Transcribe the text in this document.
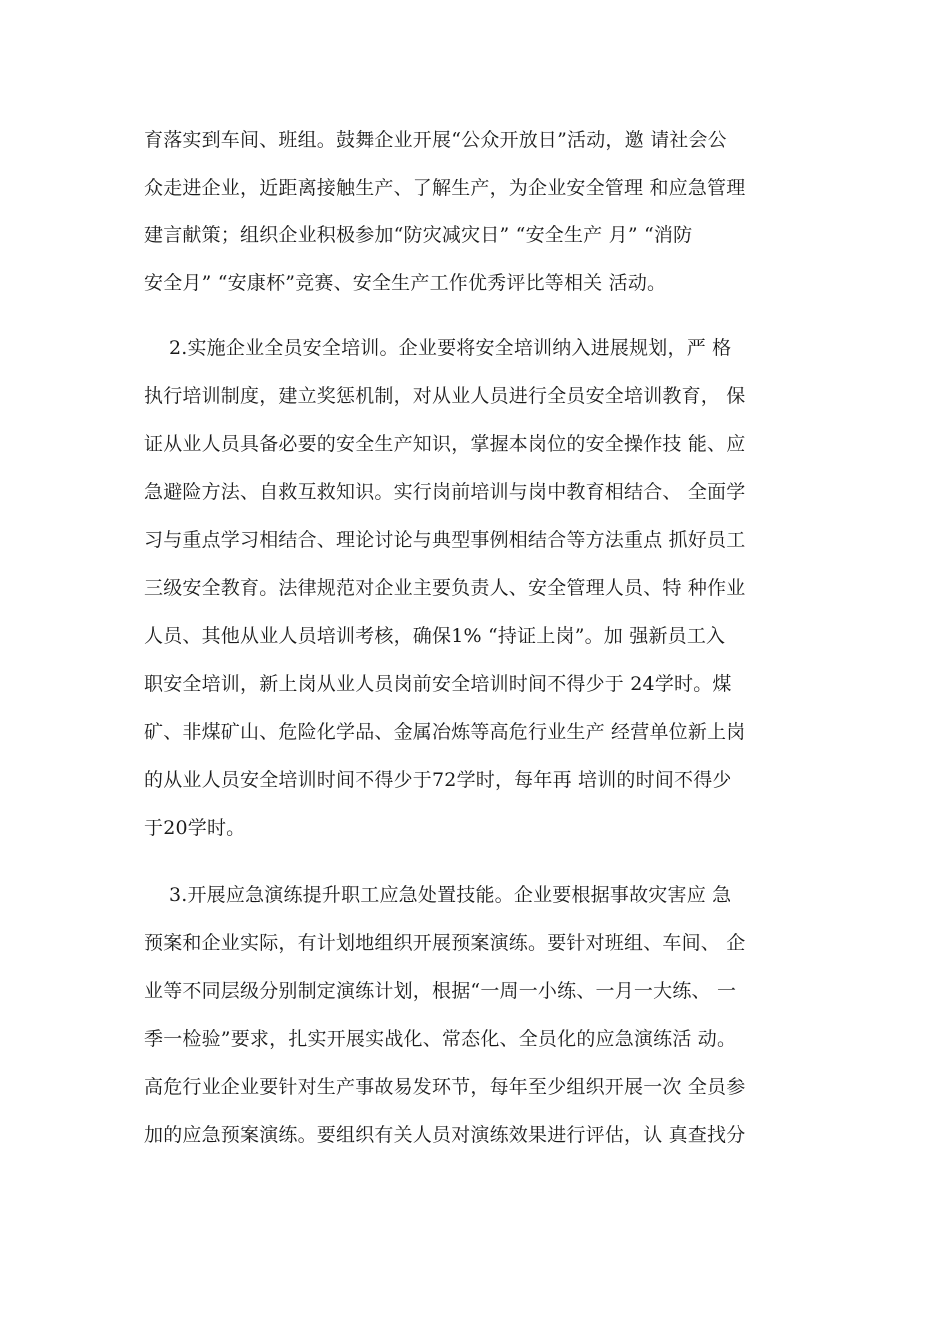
育落实到车间、班组。鼓舞企业开展“公众开放日”活动，邀 请社会公
众走进企业，近距离接触生产、了解生产，为企业安全管理 和应急管理
建言献策；组织企业积极参加“防灾减灾日” “安全生产 月” “消防
安全月” “安康杯”竞赛、安全生产工作优秀评比等相关 活动。
2.实施企业全员安全培训。企业要将安全培训纳入进展规划，严 格
执行培训制度，建立奖惩机制，对从业人员进行全员安全培训教育， 保
证从业人员具备必要的安全生产知识，掌握本岗位的安全操作技 能、应
急避险方法、自救互救知识。实行岗前培训与岗中教育相结合、 全面学
习与重点学习相结合、理论讨论与典型事例相结合等方法重点 抓好员工
三级安全教育。法律规范对企业主要负责人、安全管理人员、特 种作业
人员、其他从业人员培训考核，确保1% “持证上岗”。加 强新员工入
职安全培训，新上岗从业人员岗前安全培训时间不得少于 24学时。煤
矿、非煤矿山、危险化学品、金属冶炼等高危行业生产 经营单位新上岗
的从业人员安全培训时间不得少于72学时，每年再 培训的时间不得少
于20学时。
3.开展应急演练提升职工应急处置技能。企业要根据事故灾害应 急
预案和企业实际，有计划地组织开展预案演练。要针对班组、车间、 企
业等不同层级分别制定演练计划，根据“一周一小练、一月一大练、 一
季一检验”要求，扎实开展实战化、常态化、全员化的应急演练活 动。
高危行业企业要针对生产事故易发环节，每年至少组织开展一次 全员参
加的应急预案演练。要组织有关人员对演练效果进行评估，认 真查找分
